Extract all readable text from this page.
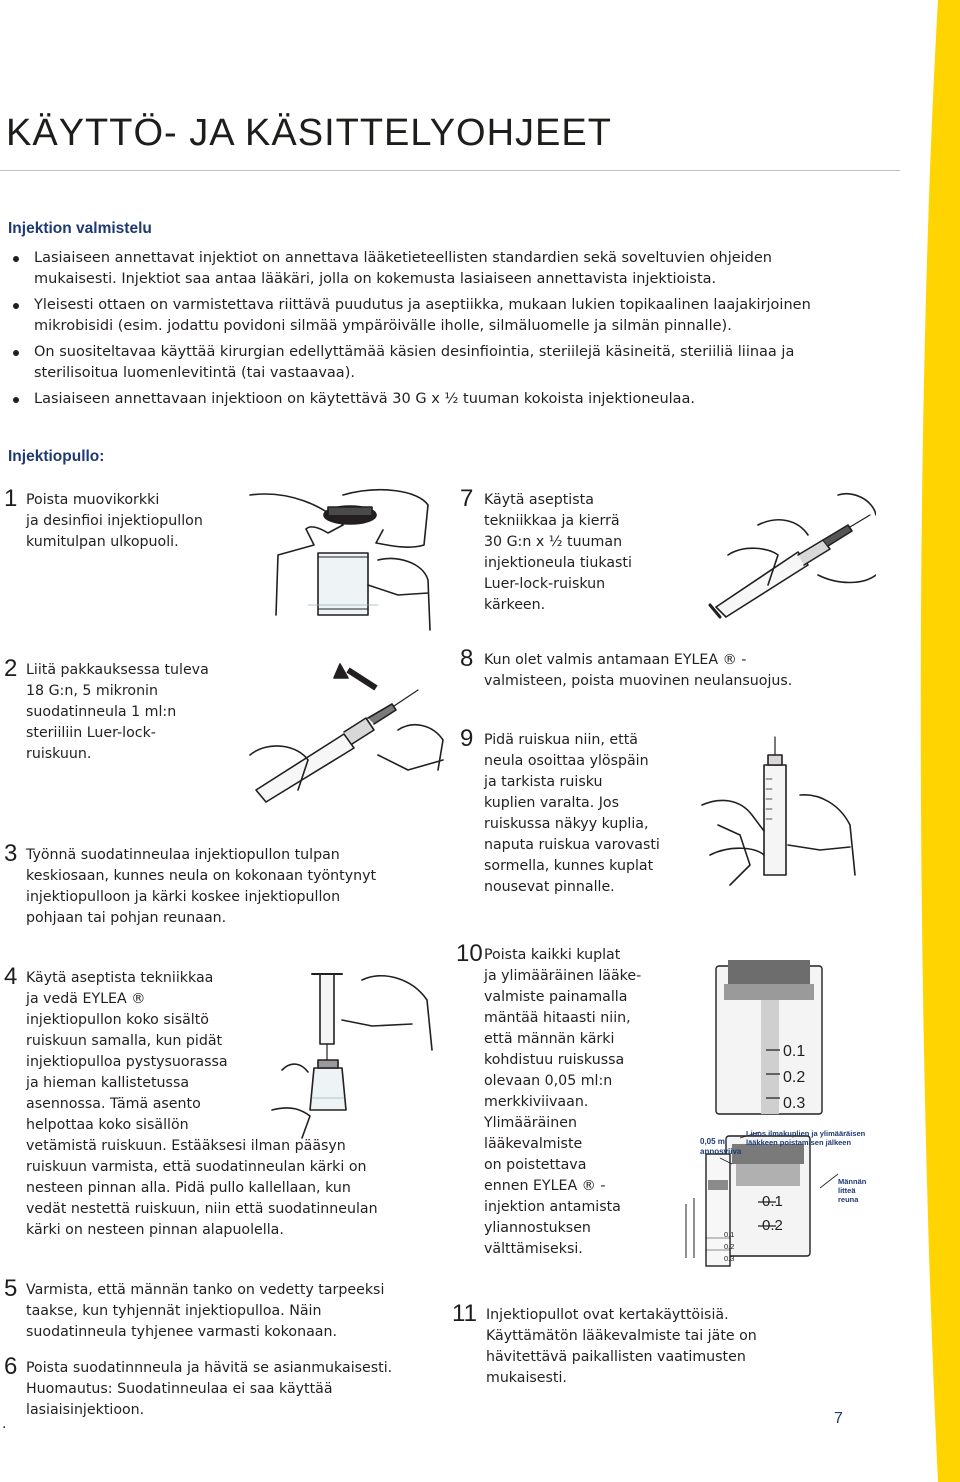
KÄYTTÖ- JA KÄSITTELYOHJEET
Injektion valmistelu
Lasiaiseen annettavat injektiot on annettava lääketieteellisten standardien sekä soveltuvien ohjeiden mukaisesti. Injektiot saa antaa lääkäri, jolla on kokemusta lasiaiseen annettavista injektioista.
Yleisesti ottaen on varmistettava riittävä puudutus ja aseptiikka, mukaan lukien topikaalinen laajakirjoinen mikrobisidi (esim. jodattu povidoni silmää ympäröivälle iholle, silmäluomelle ja silmän pinnalle).
On suositeltavaa käyttää kirurgian edellyttämää käsien desinfiointia, steriilejä käsineitä, steriiliä liinaa ja sterilisoitua luomenlevitintä (tai vastaavaa).
Lasiaiseen annettavaan injektioon on käytettävä 30 G x ½ tuuman kokoista injektioneulaa.
Injektiopullo:
1 Poista muovikorkki
ja desinfioi injektiopullon
kumitulpan ulkopuoli.
7 Käytä aseptista
tekniikkaa ja kierrä
30 G:n x ½ tuuman
injektioneula tiukasti
Luer-lock-ruiskun
kärkeen.
2 Liitä pakkauksessa tuleva
18 G:n, 5 mikronin
suodatinneula 1 ml:n
steriiliin Luer-lock-
ruiskuun.
8 Kun olet valmis antamaan EYLEA ® -
valmisteen, poista muovinen neulansuojus.
9 Pidä ruiskua niin, että
neula osoittaa ylöspäin
ja tarkista ruisku
kuplien varalta. Jos
ruiskussa näkyy kuplia,
naputa ruiskua varovasti
sormella, kunnes kuplat
nousevat pinnalle.
3 Työnnä suodatinneulaa injektiopullon tulpan
keskiosaan, kunnes neula on kokonaan työntynyt
injektiopulloon ja kärki koskee injektiopullon
pohjaan tai pohjan reunaan.
4 Käytä aseptista tekniikkaa
ja vedä EYLEA ®
injektiopullon koko sisältö
ruiskuun samalla, kun pidät
injektiopulloa pystysuorassa
ja hieman kallistetussa
asennossa. Tämä asento
helpottaa koko sisällön
vetämistä ruiskuun. Estääksesi ilman pääsyn
ruiskuun varmista, että suodatinneulan kärki on
nesteen pinnan alla. Pidä pullo kallellaan, kun
vedät nestettä ruiskuun, niin että suodatinneulan
kärki on nesteen pinnan alapuolella.
10 Poista kaikki kuplat
ja ylimääräinen lääke-
valmiste painamalla
mäntää hitaasti niin,
että männän kärki
kohdistuu ruiskussa
olevaan 0,05 ml:n
merkkiviivaan.
Ylimääräinen
lääkevalmiste
on poistettava
ennen EYLEA ® -
injektion antamista
yliannostuksen
välttämiseksi.
0.1
0.2
0.3
0.1
0.2
0.1
0.2
0.3
0,05 ml
annosviiva
Liuos ilmakuplien ja ylimääräisen
lääkkeen poistamisen jälkeen
Männän
litteä
reuna
5 Varmista, että männän tanko on vedetty tarpeeksi
taakse, kun tyhjennät injektiopulloa. Näin
suodatinneula tyhjenee varmasti kokonaan.
6 Poista suodatinnneula ja hävitä se asianmukaisesti.
Huomautus: Suodatinneulaa ei saa käyttää
lasiaisinjektioon.
11 Injektiopullot ovat kertakäyttöisiä.
Käyttämätön lääkevalmiste tai jäte on
hävitettävä paikallisten vaatimusten
mukaisesti.
.	7
